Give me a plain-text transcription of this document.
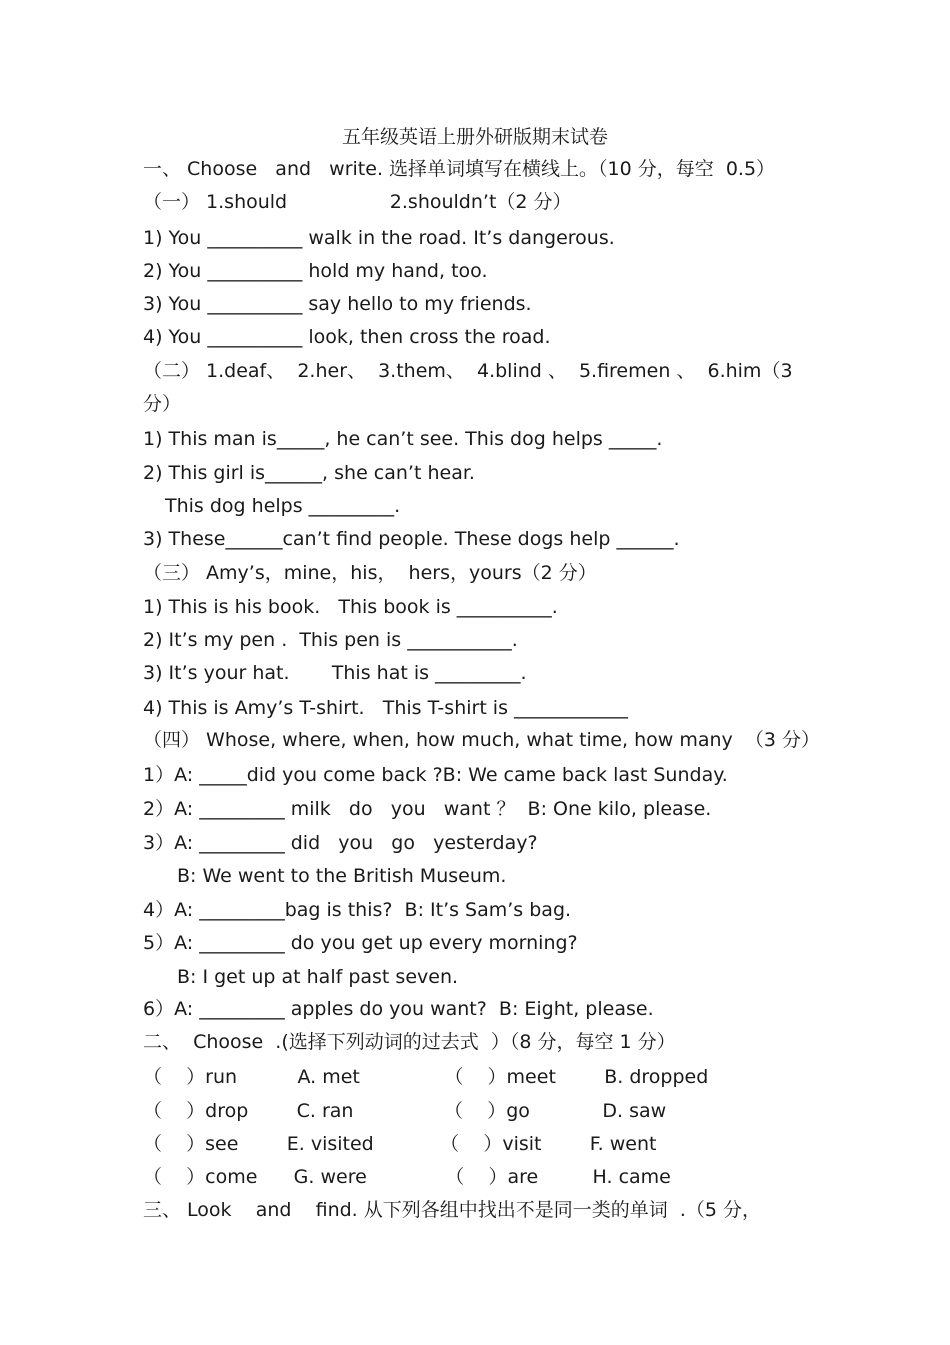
五年级英语上册外研版期末试卷
一、 Choose   and   write. 选择单词填写在横线上。（10 分，每空  0.5）
（一） 1.should                 2.shouldn’t（2 分）
1) You __________ walk in the road. It’s dangerous.
2) You __________ hold my hand, too.
3) You __________ say hello to my friends.
4) You __________ look, then cross the road.
（二） 1.deaf、  2.her、  3.them、  4.blind 、  5.firemen 、  6.him（3
分）
1) This man is_____, he can’t see. This dog helps _____.
2) This girl is______, she can’t hear.
This dog helps _________.
3) These______can’t find people. These dogs help ______.
（三） Amy’s，mine，his，  hers，yours（2 分）
1) This is his book.   This book is __________.
2) It’s my pen .  This pen is ___________.
3) It’s your hat.       This hat is _________.
4) This is Amy’s T-shirt.   This T-shirt is ____________
（四） Whose, where, when, how much, what time, how many  （3 分）
1）A: _____did you come back ?B: We came back last Sunday.
2）A: _________ milk   do   you   want ？  B: One kilo, please.
3）A: _________ did   you   go   yesterday?
B: We went to the British Museum.
4）A: _________bag is this?  B: It’s Sam’s bag.
5）A: _________ do you get up every morning?
B: I get up at half past seven.
6）A: _________ apples do you want?  B: Eight, please.
二、  Choose  .(选择下列动词的过去式  ）（8 分，每空 1 分）
（    ）run          A. met              （    ）meet        B. dropped
（    ）drop        C. ran               （    ）go            D. saw
（    ）see        E. visited           （    ）visit        F. went
（    ）come      G. were             （    ）are         H. came
三、 Look    and    find. 从下列各组中找出不是同一类的单词  .（5 分，
